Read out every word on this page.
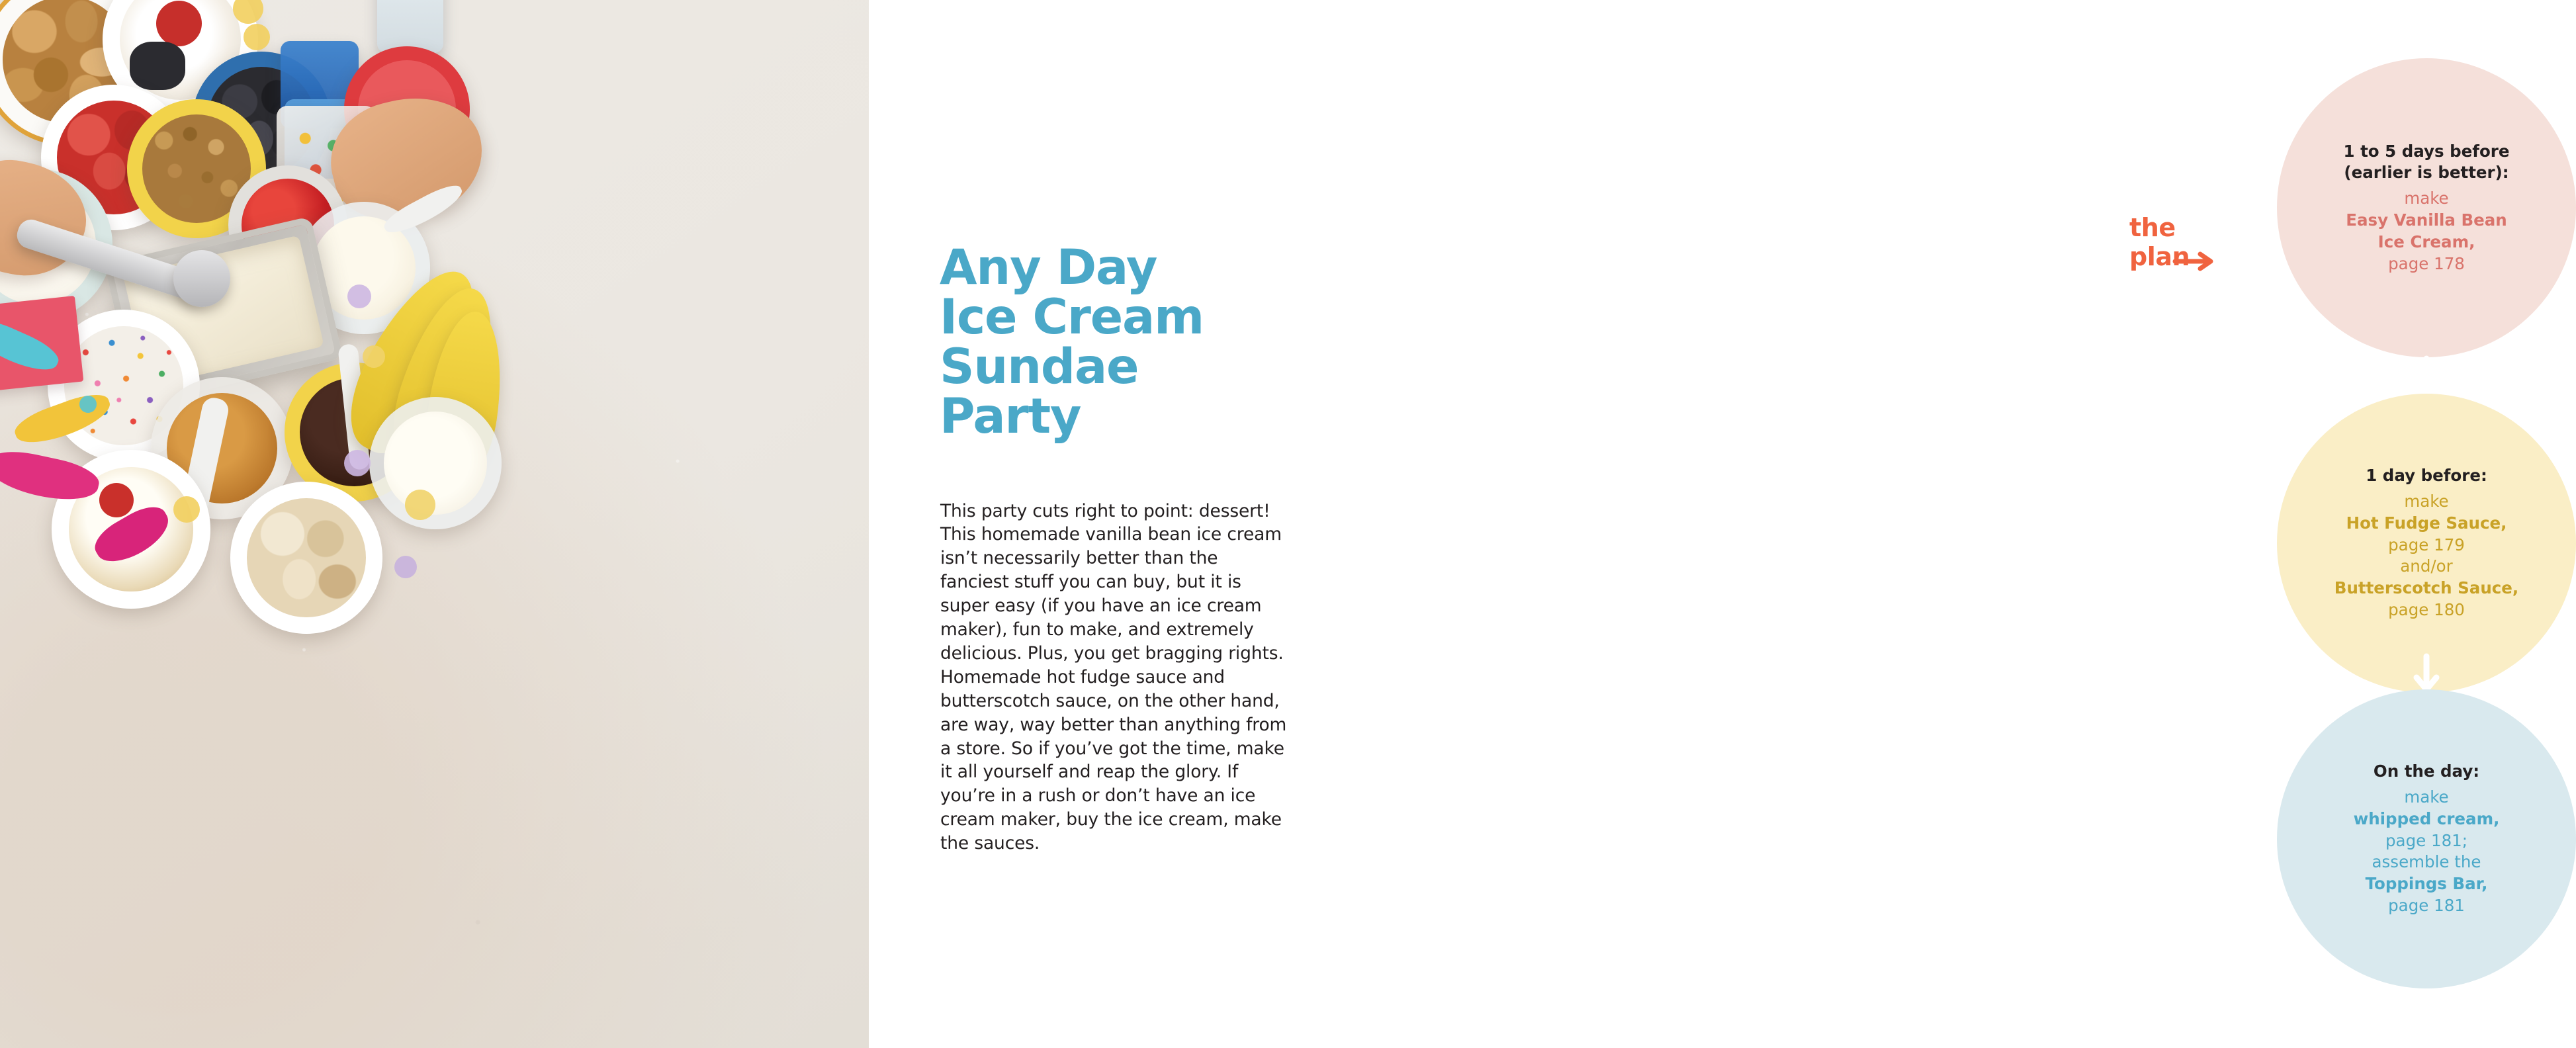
Any Day
Ice Cream
Sundae
Party

This party cuts right to point: dessert! This homemade vanilla bean ice cream isn’t necessarily better than the fanciest stuff you can buy, but it is super easy (if you have an ice cream maker), fun to make, and extremely delicious. Plus, you get bragging rights. Homemade hot fudge sauce and butterscotch sauce, on the other hand, are way, way better than anything from a store. So if you’ve got the time, make it all yourself and reap the glory. If you’re in a rush or don’t have an ice cream maker, buy the ice cream, make the sauces.

the plan
1 to 5 days before
(earlier is better):
make
Easy Vanilla Bean
Ice Cream,
page 178
1 day before:
make
Hot Fudge Sauce,
page 179
and/or
Butterscotch Sauce,
page 180
On the day:
make
whipped cream,
page 181;
assemble the
Toppings Bar,
page 181
